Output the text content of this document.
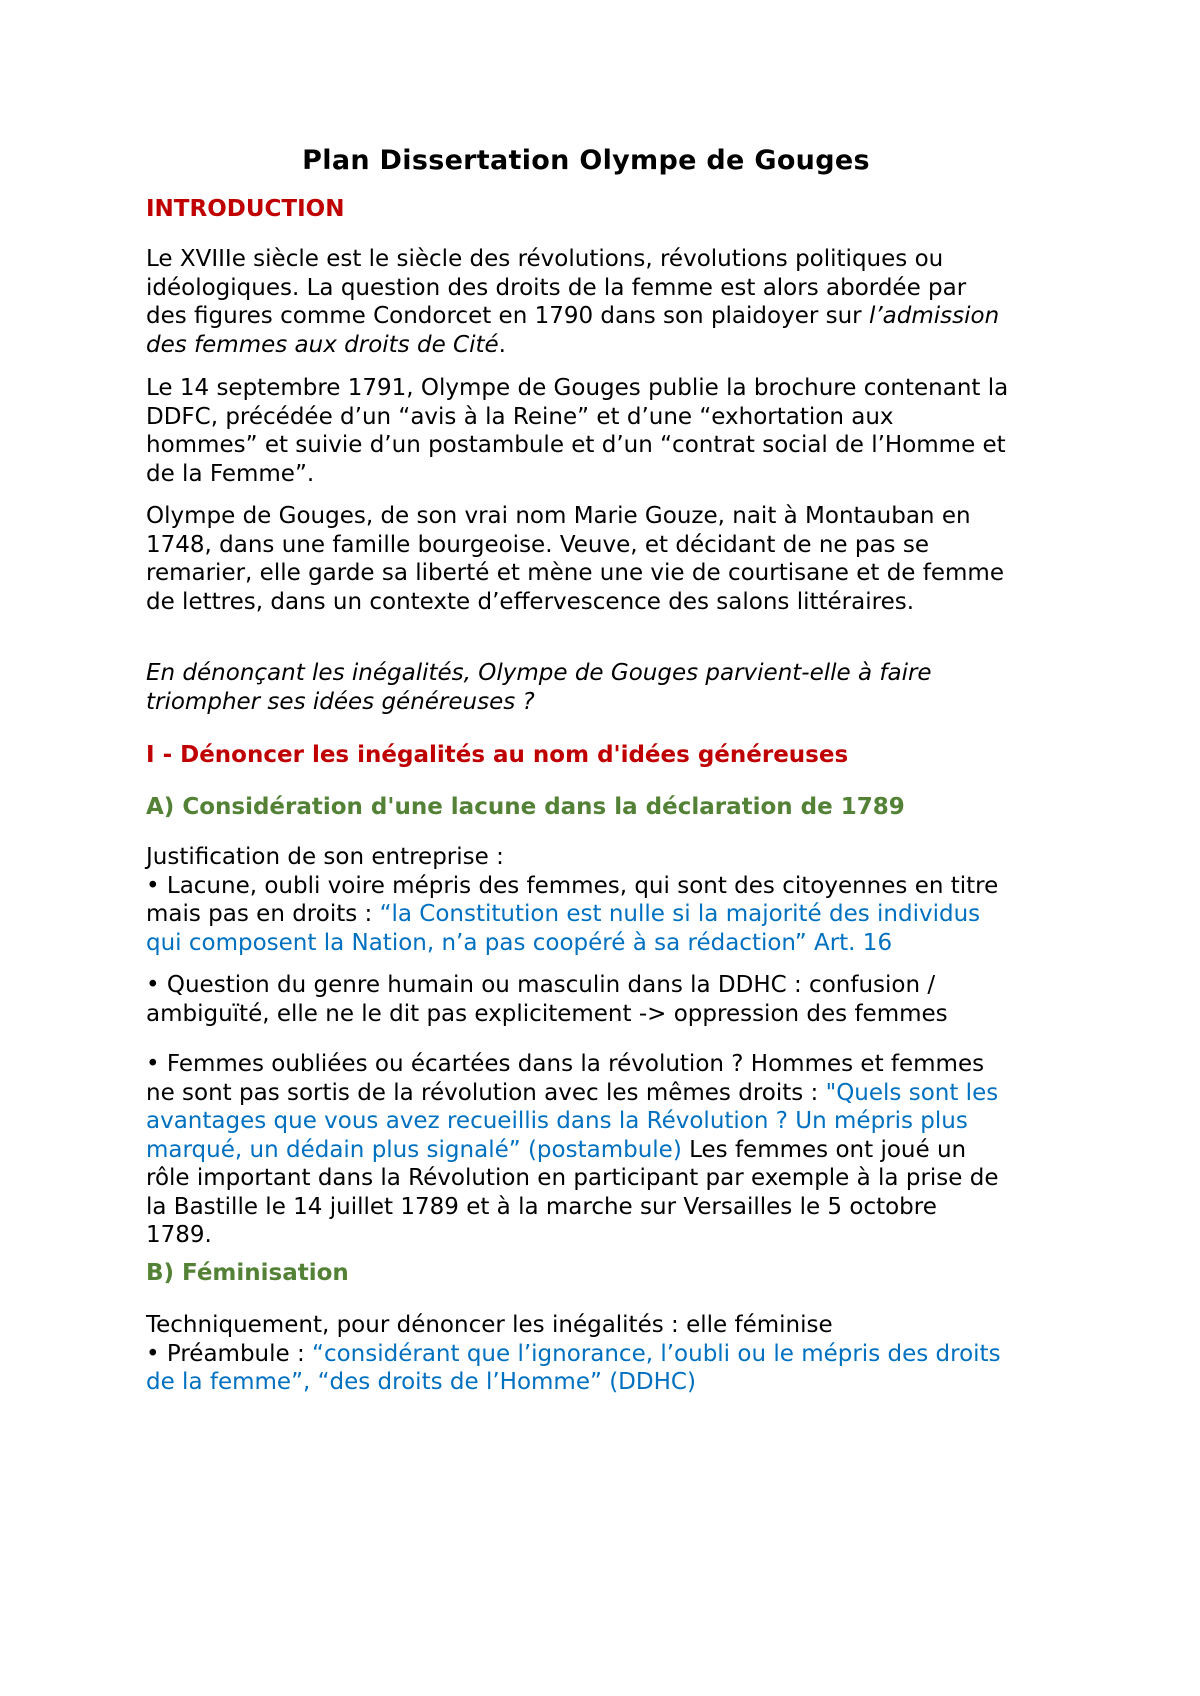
Plan Dissertation Olympe de Gouges
INTRODUCTION
Le XVIIIe siècle est le siècle des révolutions, révolutions politiques ou
idéologiques. La question des droits de la femme est alors abordée par
des figures comme Condorcet en 1790 dans son plaidoyer sur l’admission
des femmes aux droits de Cité.
Le 14 septembre 1791, Olympe de Gouges publie la brochure contenant la
DDFC, précédée d’un “avis à la Reine” et d’une “exhortation aux
hommes” et suivie d’un postambule et d’un “contrat social de l’Homme et
de la Femme”.
Olympe de Gouges, de son vrai nom Marie Gouze, nait à Montauban en
1748, dans une famille bourgeoise. Veuve, et décidant de ne pas se
remarier, elle garde sa liberté et mène une vie de courtisane et de femme
de lettres, dans un contexte d’effervescence des salons littéraires.
En dénonçant les inégalités, Olympe de Gouges parvient-elle à faire
triompher ses idées généreuses ?
I - Dénoncer les inégalités au nom d'idées généreuses
A) Considération d'une lacune dans la déclaration de 1789
Justification de son entreprise :
• Lacune, oubli voire mépris des femmes, qui sont des citoyennes en titre
mais pas en droits : “la Constitution est nulle si la majorité des individus
qui composent la Nation, n’a pas coopéré à sa rédaction” Art. 16
• Question du genre humain ou masculin dans la DDHC : confusion /
ambiguïté, elle ne le dit pas explicitement -> oppression des femmes
• Femmes oubliées ou écartées dans la révolution ? Hommes et femmes
ne sont pas sortis de la révolution avec les mêmes droits : "Quels sont les
avantages que vous avez recueillis dans la Révolution ? Un mépris plus
marqué, un dédain plus signalé” (postambule) Les femmes ont joué un
rôle important dans la Révolution en participant par exemple à la prise de
la Bastille le 14 juillet 1789 et à la marche sur Versailles le 5 octobre
1789.
B) Féminisation
Techniquement, pour dénoncer les inégalités : elle féminise
• Préambule : “considérant que l’ignorance, l’oubli ou le mépris des droits
de la femme”, “des droits de l’Homme” (DDHC)
